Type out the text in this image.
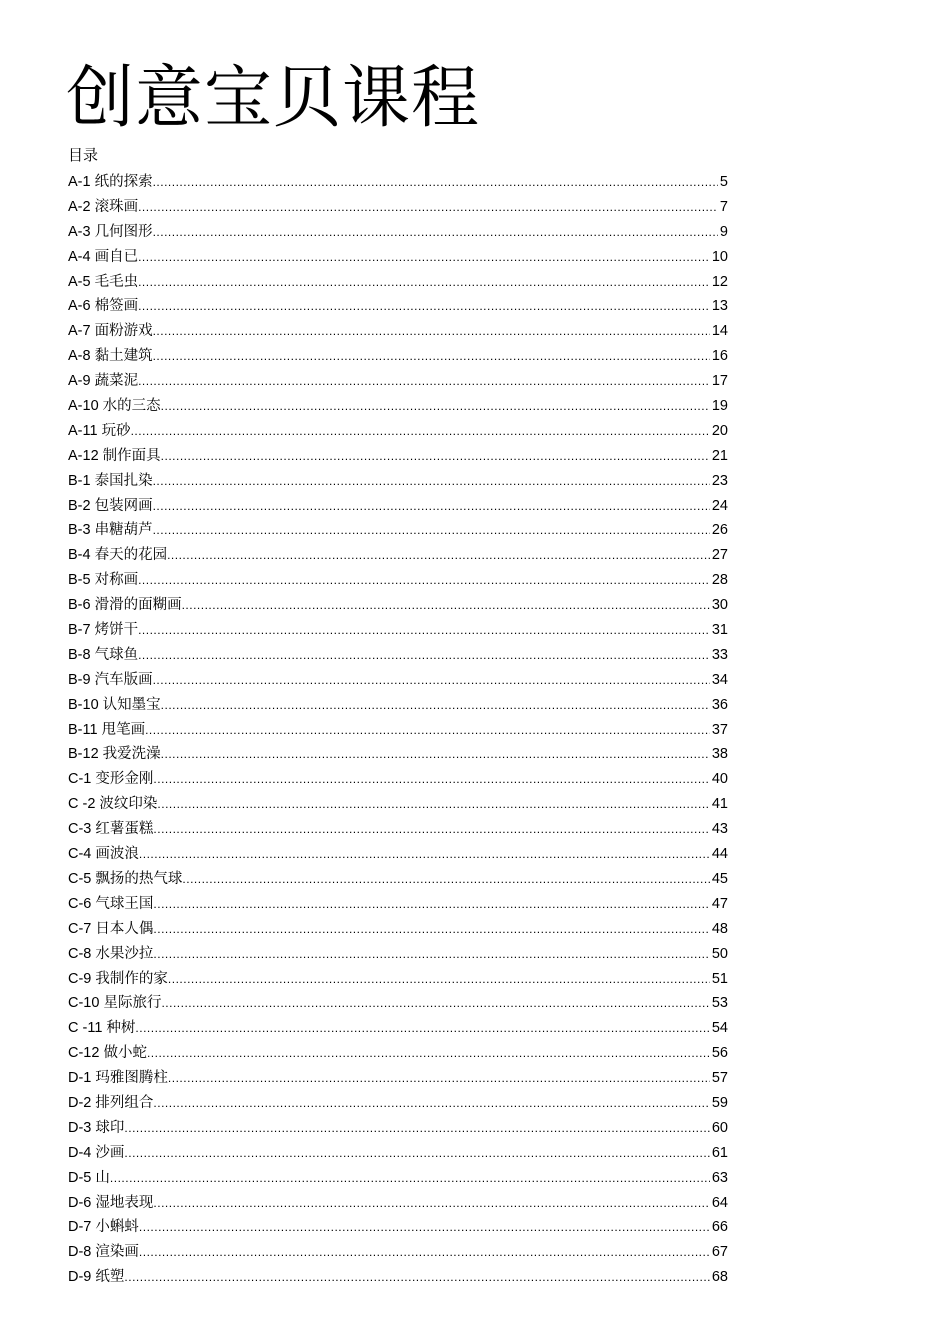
创意宝贝课程
目录
A-1 纸的探索 .....	5
A-2 滚珠画 .....	7
A-3 几何图形 .....	9
A-4 画自已 .....	10
A-5 毛毛虫 .....	12
A-6 棉签画 .....	13
A-7 面粉游戏 .....	14
A-8 黏土建筑 .....	16
A-9 蔬菜泥 .....	17
A-10 水的三态 .....	19
A-11 玩砂 .....	20
A-12 制作面具 .....	21
B-1 泰国扎染 .....	23
B-2 包装网画 .....	24
B-3 串糖葫芦 .....	26
B-4 春天的花园 .....	27
B-5 对称画 .....	28
B-6 滑滑的面糊画 .....	30
B-7 烤饼干 .....	31
B-8 气球鱼 .....	33
B-9 汽车版画 .....	34
B-10 认知墨宝 .....	36
B-11 甩笔画 .....	37
B-12 我爱洗澡 .....	38
C-1 变形金刚 .....	40
C -2 波纹印染 .....	41
C-3 红薯蛋糕 .....	43
C-4 画波浪 .....	44
C-5 飘扬的热气球 .....	45
C-6 气球王国 .....	47
C-7 日本人偶 .....	48
C-8 水果沙拉 .....	50
C-9 我制作的家 .....	51
C-10 星际旅行 .....	53
C -11 种树 .....	54
C-12 做小蛇 .....	56
D-1 玛雅图腾柱 .....	57
D-2 排列组合 .....	59
D-3 球印 .....	60
D-4 沙画 .....	61
D-5 山 .....	63
D-6 湿地表现 .....	64
D-7 小蝌蚪 .....	66
D-8 渲染画 .....	67
D-9 纸塑 .....	68
